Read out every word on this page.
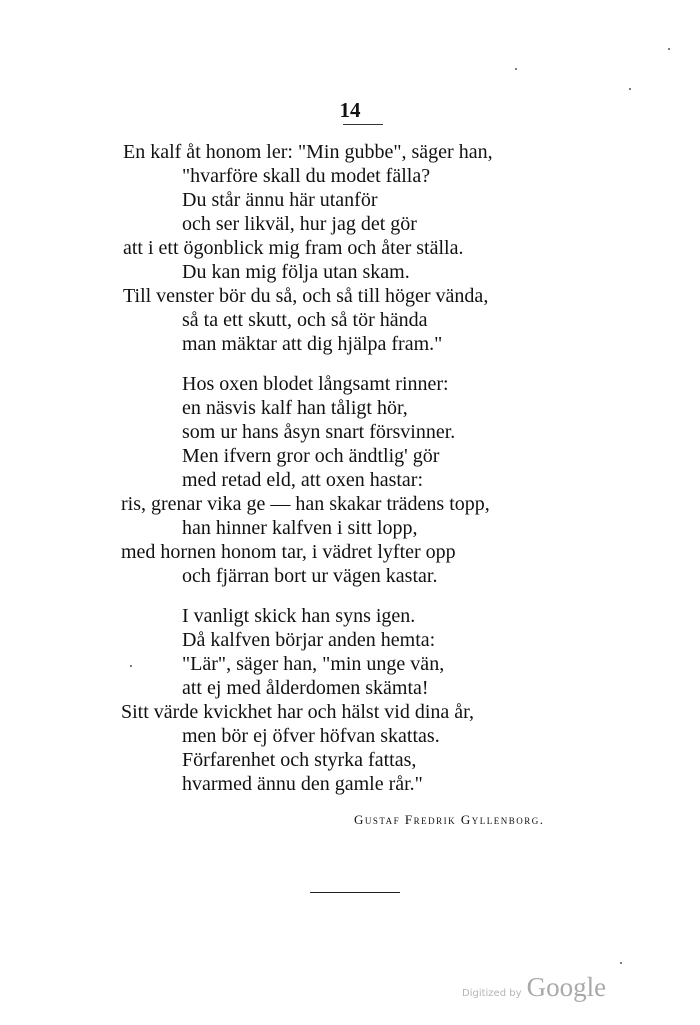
14
En kalf åt honom ler: "Min gubbe", säger han,
"hvarföre skall du modet fälla?
Du står ännu här utanför
och ser likväl, hur jag det gör
att i ett ögonblick mig fram och åter ställa.
Du kan mig följa utan skam.
Till venster bör du så, och så till höger vända,
så ta ett skutt, och så tör hända
man mäktar att dig hjälpa fram."
Hos oxen blodet långsamt rinner:
en näsvis kalf han tåligt hör,
som ur hans åsyn snart försvinner.
Men ifvern gror och ändtlig' gör
med retad eld, att oxen hastar:
ris, grenar vika ge — han skakar trädens topp,
han hinner kalfven i sitt lopp,
med hornen honom tar, i vädret lyfter opp
och fjärran bort ur vägen kastar.
I vanligt skick han syns igen.
Då kalfven börjar anden hemta:
"Lär", säger han, "min unge vän,
att ej med ålderdomen skämta!
Sitt värde kvickhet har och hälst vid dina år,
men bör ej öfver höfvan skattas.
Förfarenhet och styrka fattas,
hvarmed ännu den gamle rår."
Gustaf Fredrik Gyllenborg.
Digitized by Google
